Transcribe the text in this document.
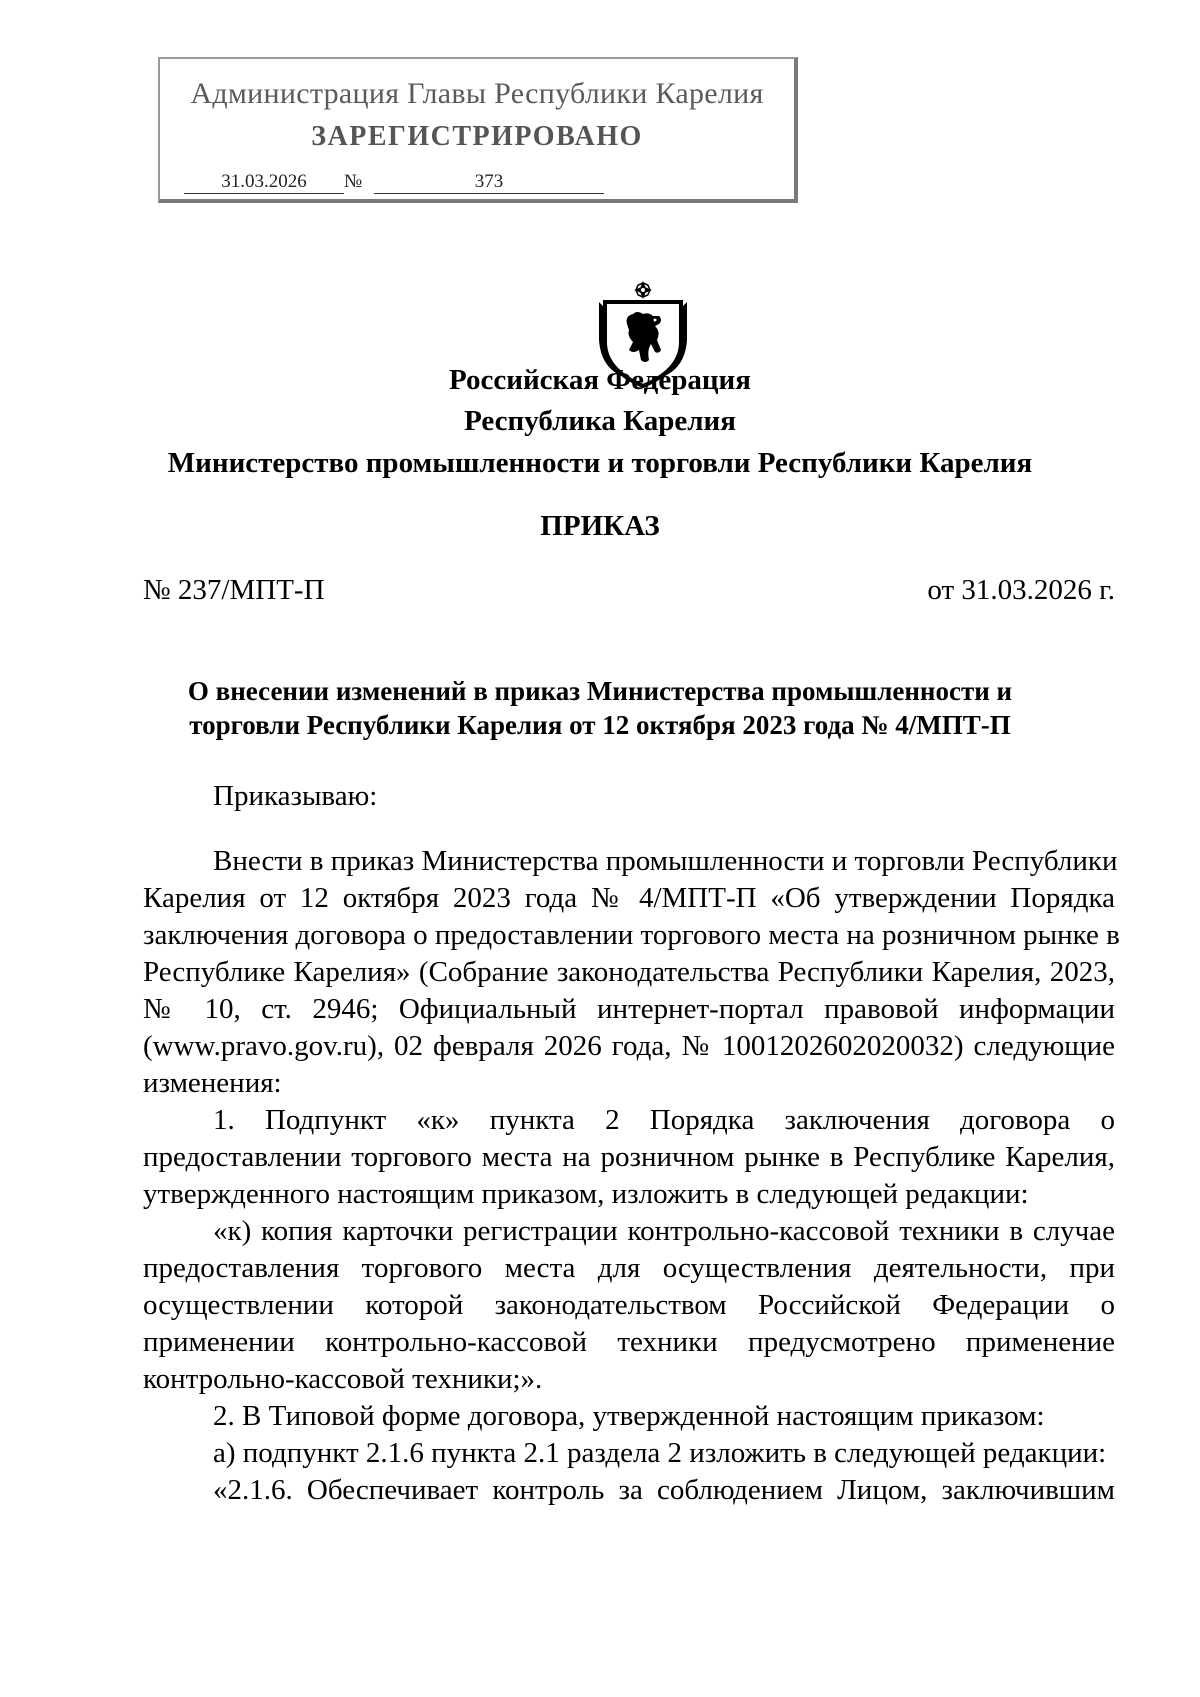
Администрация Главы Республики Карелия
ЗАРЕГИСТРИРОВАНО
31.03.2026 №	373
Российская Федерация
Республика Карелия
Министерство промышленности и торговли Республики Карелия
ПРИКАЗ
№ 237/МПТ-П	от 31.03.2026 г.
О внесении изменений в приказ Министерства промышленности и
торговли Республики Карелия от 12 октября 2023 года № 4/МПТ-П
Приказываю:
Внести в приказ Министерства промышленности и торговли Республики
Карелия от 12 октября 2023 года № 4/МПТ-П «Об утверждении Порядка
заключения договора о предоставлении торгового места на розничном рынке в
Республике Карелия» (Собрание законодательства Республики Карелия, 2023,
№ 10, ст. 2946; Официальный интернет-портал правовой информации
(www.pravo.gov.ru), 02 февраля 2026 года, № 1001202602020032) следующие
изменения:
1. Подпункт «к» пункта 2 Порядка заключения договора о
предоставлении торгового места на розничном рынке в Республике Карелия,
утвержденного настоящим приказом, изложить в следующей редакции:
«к) копия карточки регистрации контрольно-кассовой техники в случае
предоставления торгового места для осуществления деятельности, при
осуществлении которой законодательством Российской Федерации о
применении контрольно-кассовой техники предусмотрено применение
контрольно-кассовой техники;».
2. В Типовой форме договора, утвержденной настоящим приказом:
а) подпункт 2.1.6 пункта 2.1 раздела 2 изложить в следующей редакции:
«2.1.6. Обеспечивает контроль за соблюдением Лицом, заключившим
